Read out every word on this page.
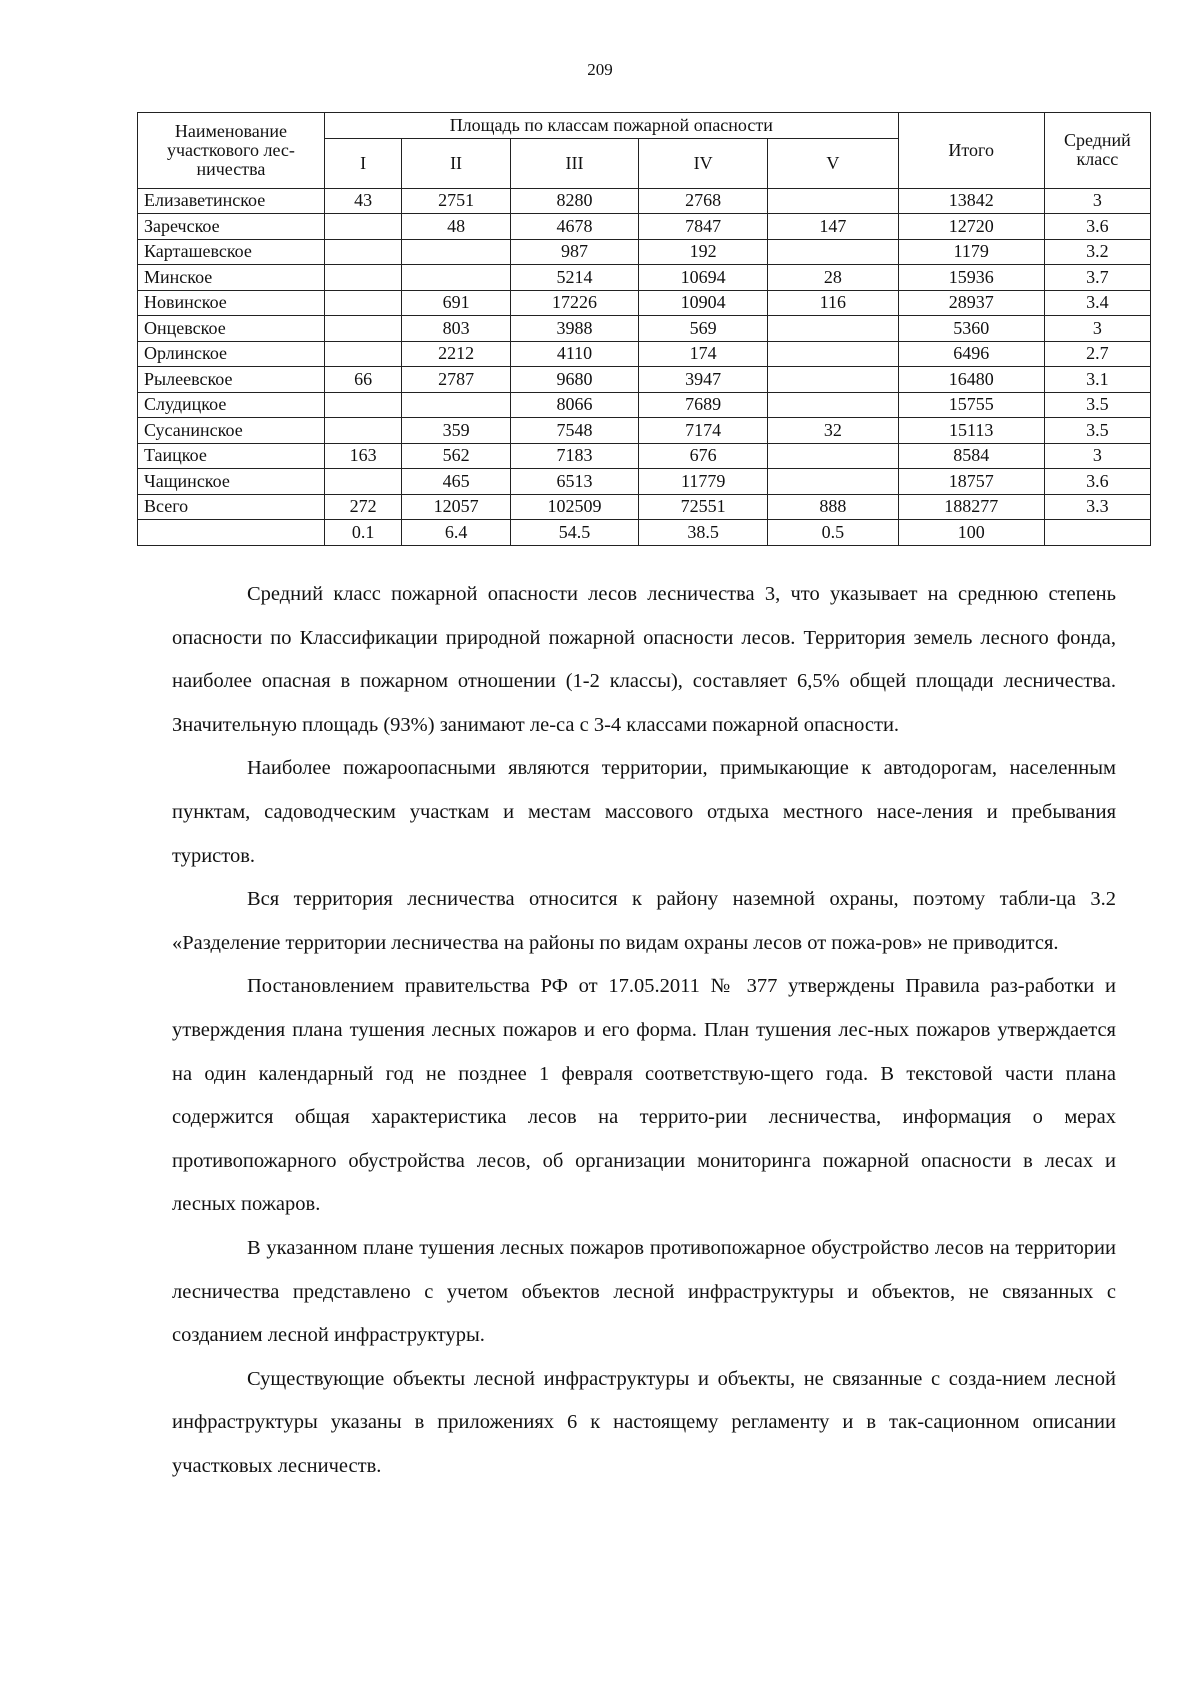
209
Наименование участкового лес-ничества	Площадь по классам пожарной опасности					Итого	Средний класс
	I	II	III	IV	V		
Елизаветинское	43	2751	8280	2768		13842	3
Заречское		48	4678	7847	147	12720	3.6
Карташевское			987	192		1179	3.2
Минское			5214	10694	28	15936	3.7
Новинское		691	17226	10904	116	28937	3.4
Онцевское		803	3988	569		5360	3
Орлинское		2212	4110	174		6496	2.7
Рылеевское	66	2787	9680	3947		16480	3.1
Слудицкое			8066	7689		15755	3.5
Сусанинское		359	7548	7174	32	15113	3.5
Таицкое	163	562	7183	676		8584	3
Чащинское		465	6513	11779		18757	3.6
Всего	272	12057	102509	72551	888	188277	3.3
	0.1	6.4	54.5	38.5	0.5	100	

Средний класс пожарной опасности лесов лесничества 3, что указывает на среднюю степень опасности по Классификации природной пожарной опасности лесов. Территория земель лесного фонда, наиболее опасная в пожарном отношении (1-2 классы), составляет 6,5% общей площади лесничества. Значительную площадь (93%) занимают ле-са с 3-4 классами пожарной опасности.

Наиболее пожароопасными являются территории, примыкающие к автодорогам, населенным пунктам, садоводческим участкам и местам массового отдыха местного насе-ления и пребывания туристов.

Вся территория лесничества относится к району наземной охраны, поэтому табли-ца 3.2 «Разделение территории лесничества на районы по видам охраны лесов от пожа-ров» не приводится.

Постановлением правительства РФ от 17.05.2011 № 377 утверждены Правила раз-работки и утверждения плана тушения лесных пожаров и его форма. План тушения лес-ных пожаров утверждается на один календарный год не позднее 1 февраля соответствую-щего года. В текстовой части плана содержится общая характеристика лесов на террито-рии лесничества, информация о мерах противопожарного обустройства лесов, об организации мониторинга пожарной опасности в лесах и лесных пожаров.

В указанном плане тушения лесных пожаров противопожарное обустройство лесов на территории лесничества представлено с учетом объектов лесной инфраструктуры и объектов, не связанных с созданием лесной инфраструктуры.

Существующие объекты лесной инфраструктуры и объекты, не связанные с созда-нием лесной инфраструктуры указаны в приложениях 6 к настоящему регламенту и в так-сационном описании участковых лесничеств.
